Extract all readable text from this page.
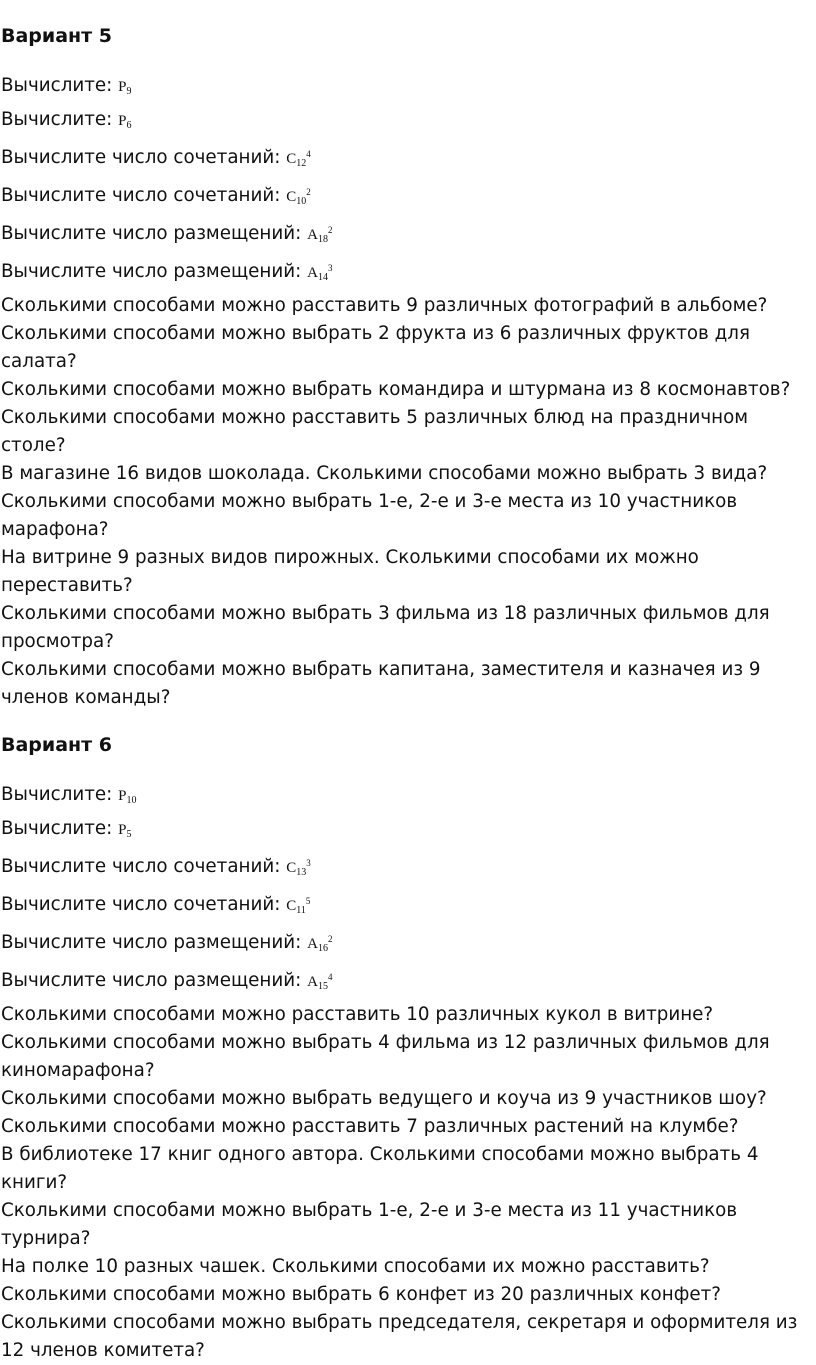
Вариант 5

Вычислите: $P_9$

Вычислите: $P_6$

Вычислите число сочетаний: $C_{12}^4$

Вычислите число сочетаний: $C_{10}^2$

Вычислите число размещений: $A_{18}^2$

Вычислите число размещений: $A_{14}^3$

Сколькими способами можно расставить 9 различных фотографий в альбоме?

Сколькими способами можно выбрать 2 фрукта из 6 различных фруктов для салата?

Сколькими способами можно выбрать командира и штурмана из 8 космонавтов?

Сколькими способами можно расставить 5 различных блюд на праздничном столе?

В магазине 16 видов шоколада. Сколькими способами можно выбрать 3 вида?

Сколькими способами можно выбрать 1-е, 2-е и 3-е места из 10 участников марафона?

На витрине 9 разных видов пирожных. Сколькими способами их можно переставить?

Сколькими способами можно выбрать 3 фильма из 18 различных фильмов для просмотра?

Сколькими способами можно выбрать капитана, заместителя и казначея из 9 членов команды?

Вариант 6

Вычислите: $P_{10}$

Вычислите: $P_5$

Вычислите число сочетаний: $C_{13}^3$

Вычислите число сочетаний: $C_{11}^5$

Вычислите число размещений: $A_{16}^2$

Вычислите число размещений: $A_{15}^4$

Сколькими способами можно расставить 10 различных кукол в витрине?

Сколькими способами можно выбрать 4 фильма из 12 различных фильмов для киномарафона?

Сколькими способами можно выбрать ведущего и коуча из 9 участников шоу?

Сколькими способами можно расставить 7 различных растений на клумбе?

В библиотеке 17 книг одного автора. Сколькими способами можно выбрать 4 книги?

Сколькими способами можно выбрать 1-е, 2-е и 3-е места из 11 участников турнира?

На полке 10 разных чашек. Сколькими способами их можно расставить?

Сколькими способами можно выбрать 6 конфет из 20 различных конфет?

Сколькими способами можно выбрать председателя, секретаря и оформителя из 12 членов комитета?
